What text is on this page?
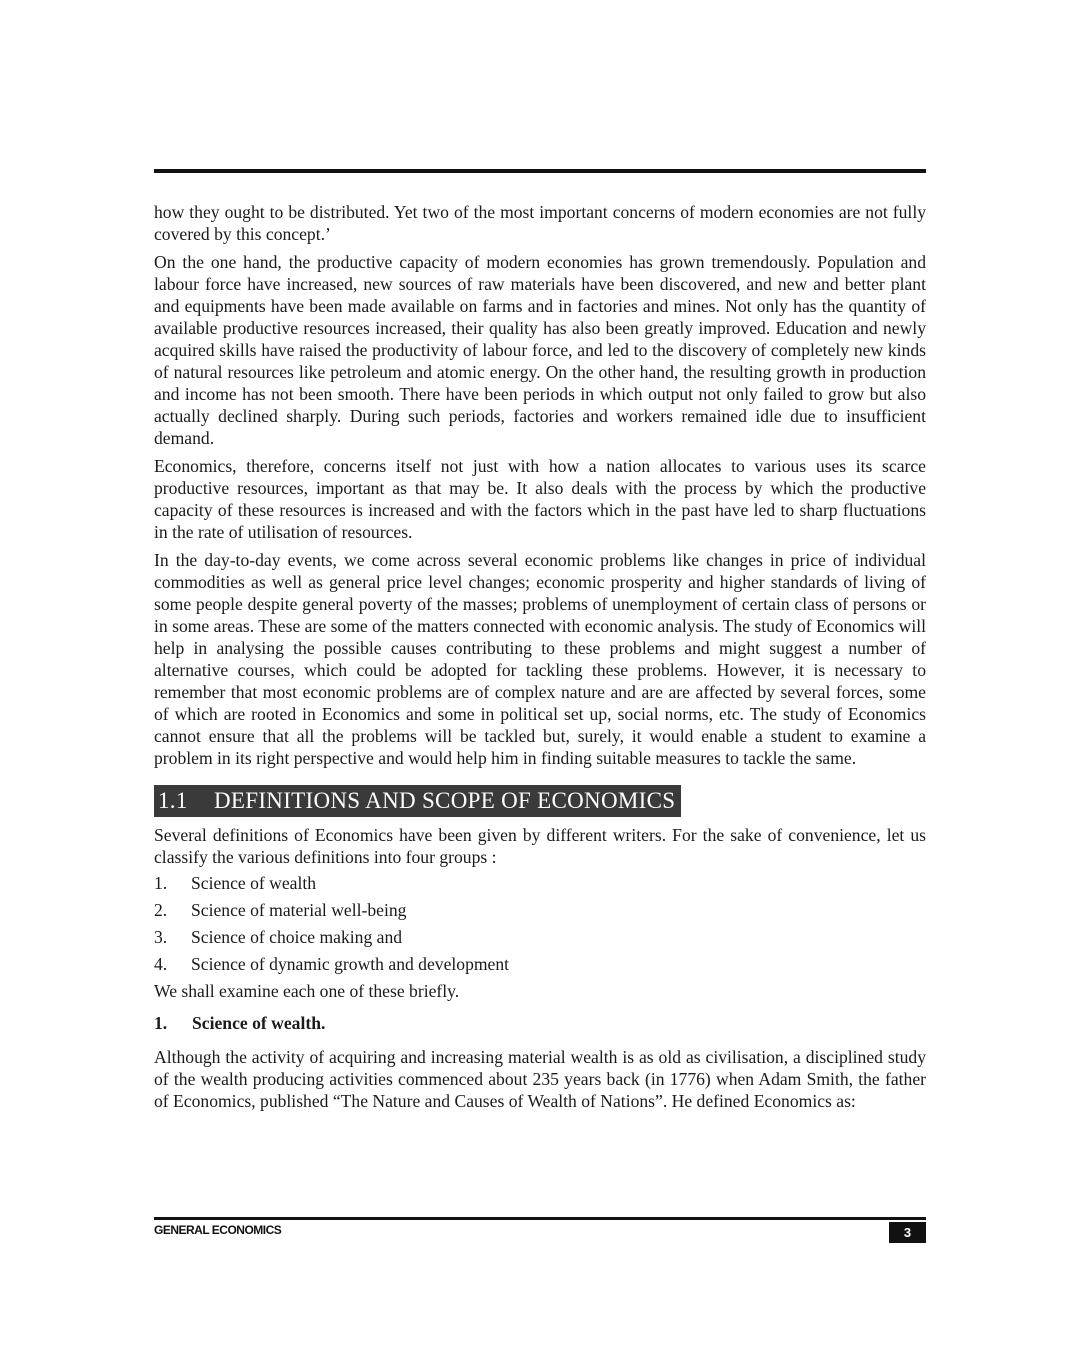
how they ought to be distributed. Yet two of the most important concerns of modern economies are not fully covered by this concept.’

On the one hand, the productive capacity of modern economies has grown tremendously. Population and labour force have increased, new sources of raw materials have been discovered, and new and better plant and equipments have been made available on farms and in factories and mines. Not only has the quantity of available productive resources increased, their quality has also been greatly improved. Education and newly acquired skills have raised the productivity of labour force, and led to the discovery of completely new kinds of natural resources like petroleum and atomic energy. On the other hand, the resulting growth in production and income has not been smooth. There have been periods in which output not only failed to grow but also actually declined sharply. During such periods, factories and workers remained idle due to insufficient demand.

Economics, therefore, concerns itself not just with how a nation allocates to various uses its scarce productive resources, important as that may be. It also deals with the process by which the productive capacity of these resources is increased and with the factors which in the past have led to sharp fluctuations in the rate of utilisation of resources.

In the day-to-day events, we come across several economic problems like changes in price of individual commodities as well as general price level changes; economic prosperity and higher standards of living of some people despite general poverty of the masses; problems of unemployment of certain class of persons or in some areas. These are some of the matters connected with economic analysis. The study of Economics will help in analysing the possible causes contributing to these problems and might suggest a number of alternative courses, which could be adopted for tackling these problems. However, it is necessary to remember that most economic problems are of complex nature and are are affected by several forces, some of which are rooted in Economics and some in political set up, social norms, etc. The study of Economics cannot ensure that all the problems will be tackled but, surely, it would enable a student to examine a problem in its right perspective and would help him in finding suitable measures to tackle the same.

1.1 DEFINITIONS AND SCOPE OF ECONOMICS

Several definitions of Economics have been given by different writers. For the sake of convenience, let us classify the various definitions into four groups :

1.	Science of wealth
2.	Science of material well-being
3.	Science of choice making and
4.	Science of dynamic growth and development

We shall examine each one of these briefly.

1.	Science of wealth.

Although the activity of acquiring and increasing material wealth is as old as civilisation, a disciplined study of the wealth producing activities commenced about 235 years back (in 1776) when Adam Smith, the father of Economics, published “The Nature and Causes of Wealth of Nations”. He defined Economics as:

GENERAL ECONOMICS	3
